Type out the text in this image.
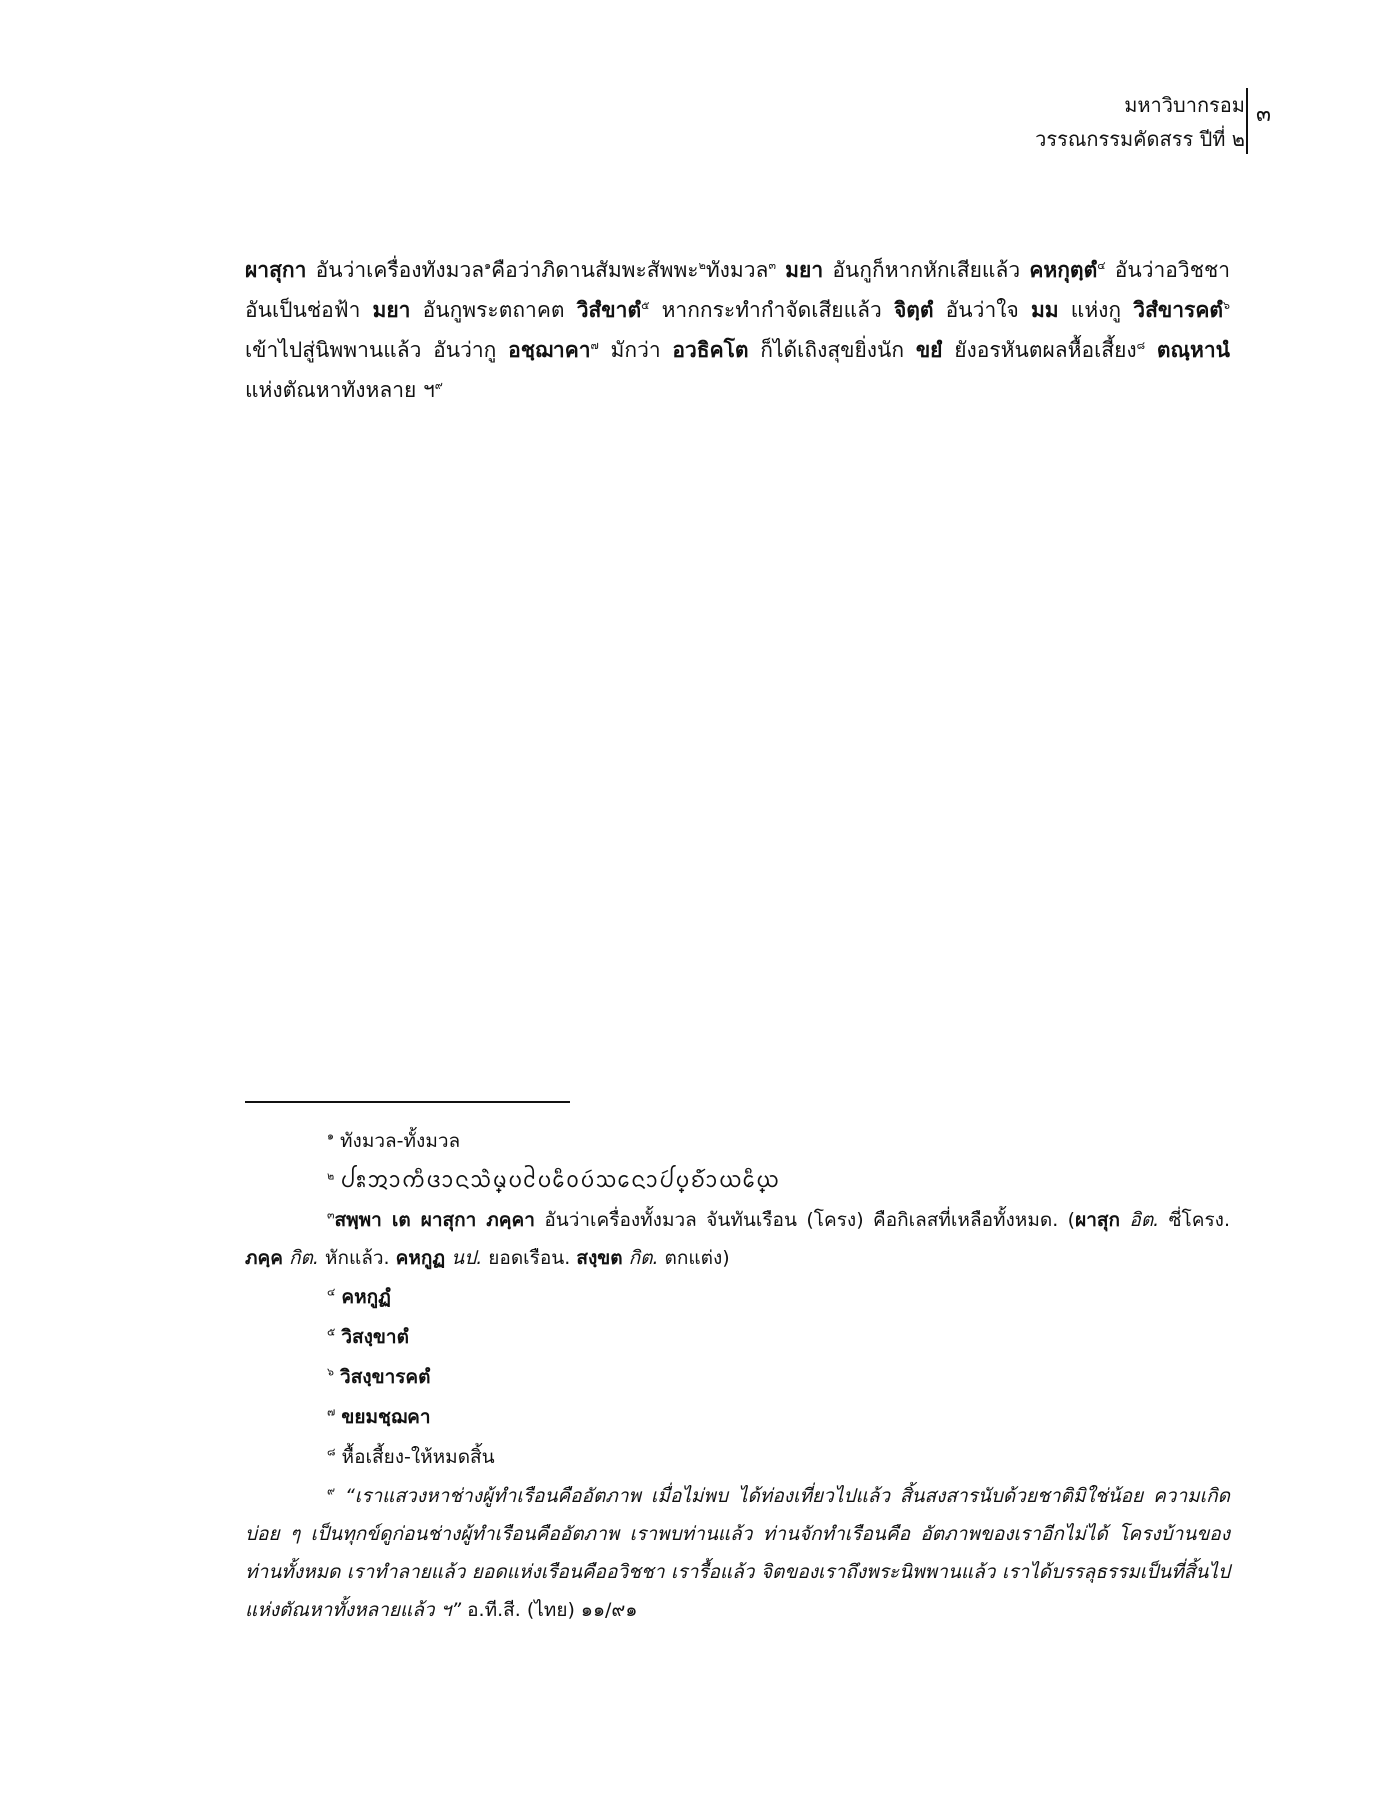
มหาวิบากรอม
วรรณกรรมคัดสรร ปีที่ ๒
๓
ผาสุกา อันว่าเครื่องทังมวล$^๑$คือว่าภิดานสัมพะสัพพะ$^๒$ทังมวล$^๓$ มยา อันกูก็หากหักเสียแล้ว คหกุตฺตํ$^๔$ อันว่าอวิชชาอันเป็นช่อฟ้า มยา อันกูพระตถาคต วิสํขาตํ$^๕$ หากกระทำกำจัดเสียแล้ว จิตฺตํ อันว่าใจ มม แห่งกู วิสํขารคตํ$^๖$ เข้าไปสู่นิพพานแล้ว อันว่ากู อชฺฌาคา$^๗$ มักว่า อวธิคโต ก็ได้เถิงสุขยิ่งนัก ขยํ ยังอรหันตผลหื้อเสี้ยง$^๘$ ตณฺหานํ แห่งตัณหาทังหลาย ฯ$^๙$
$^๑$ ทังมวล-ทั้งมวล
$^๒$ ᨸᩡᩋᩣᨠᩥᨴᩣᨶᩈᩫ᩠ᨾᨷᩲᨷᩮᩥᩅᨷᩢᩈᩮᨶᩣᨸᩢ᩠ᨷᨧᩴ᩶ᩣᨿᩮᩥ᩠ᨿ
$^๓$สพฺพา เต ผาสุกา ภคฺคา อันว่าเครื่องทั้งมวล จันทันเรือน (โครง) คือกิเลสที่เหลือทั้งหมด. (ผาสุก อิต. ซี่โครง. ภคฺค กิต. หักแล้ว. คหกูฏ นป. ยอดเรือน. สงฺขต กิต. ตกแต่ง)
$^๔$ คหกูฏํ
$^๕$ วิสงฺขาตํ
$^๖$ วิสงฺขารคตํ
$^๗$ ขยมชฺฌคา
$^๘$ หื้อเสี้ยง-ให้หมดสิ้น
$^๙$ “เราแสวงหาช่างผู้ทำเรือนคืออัตภาพ เมื่อไม่พบ ได้ท่องเที่ยวไปแล้ว สิ้นสงสารนับด้วยชาติมิใช่น้อย ความเกิดบ่อย ๆ เป็นทุกข์ดูก่อนช่างผู้ทำเรือนคืออัตภาพ เราพบท่านแล้ว ท่านจักทำเรือนคือ อัตภาพของเราอีกไม่ได้ โครงบ้านของท่านทั้งหมด เราทำลายแล้ว ยอดแห่งเรือนคืออวิชชา เรารื้อแล้ว จิตของเราถึงพระนิพพานแล้ว เราได้บรรลุธรรมเป็นที่สิ้นไปแห่งตัณหาทั้งหลายแล้ว ฯ” อ.ที.สี. (ไทย) ๑๑/๙๑
